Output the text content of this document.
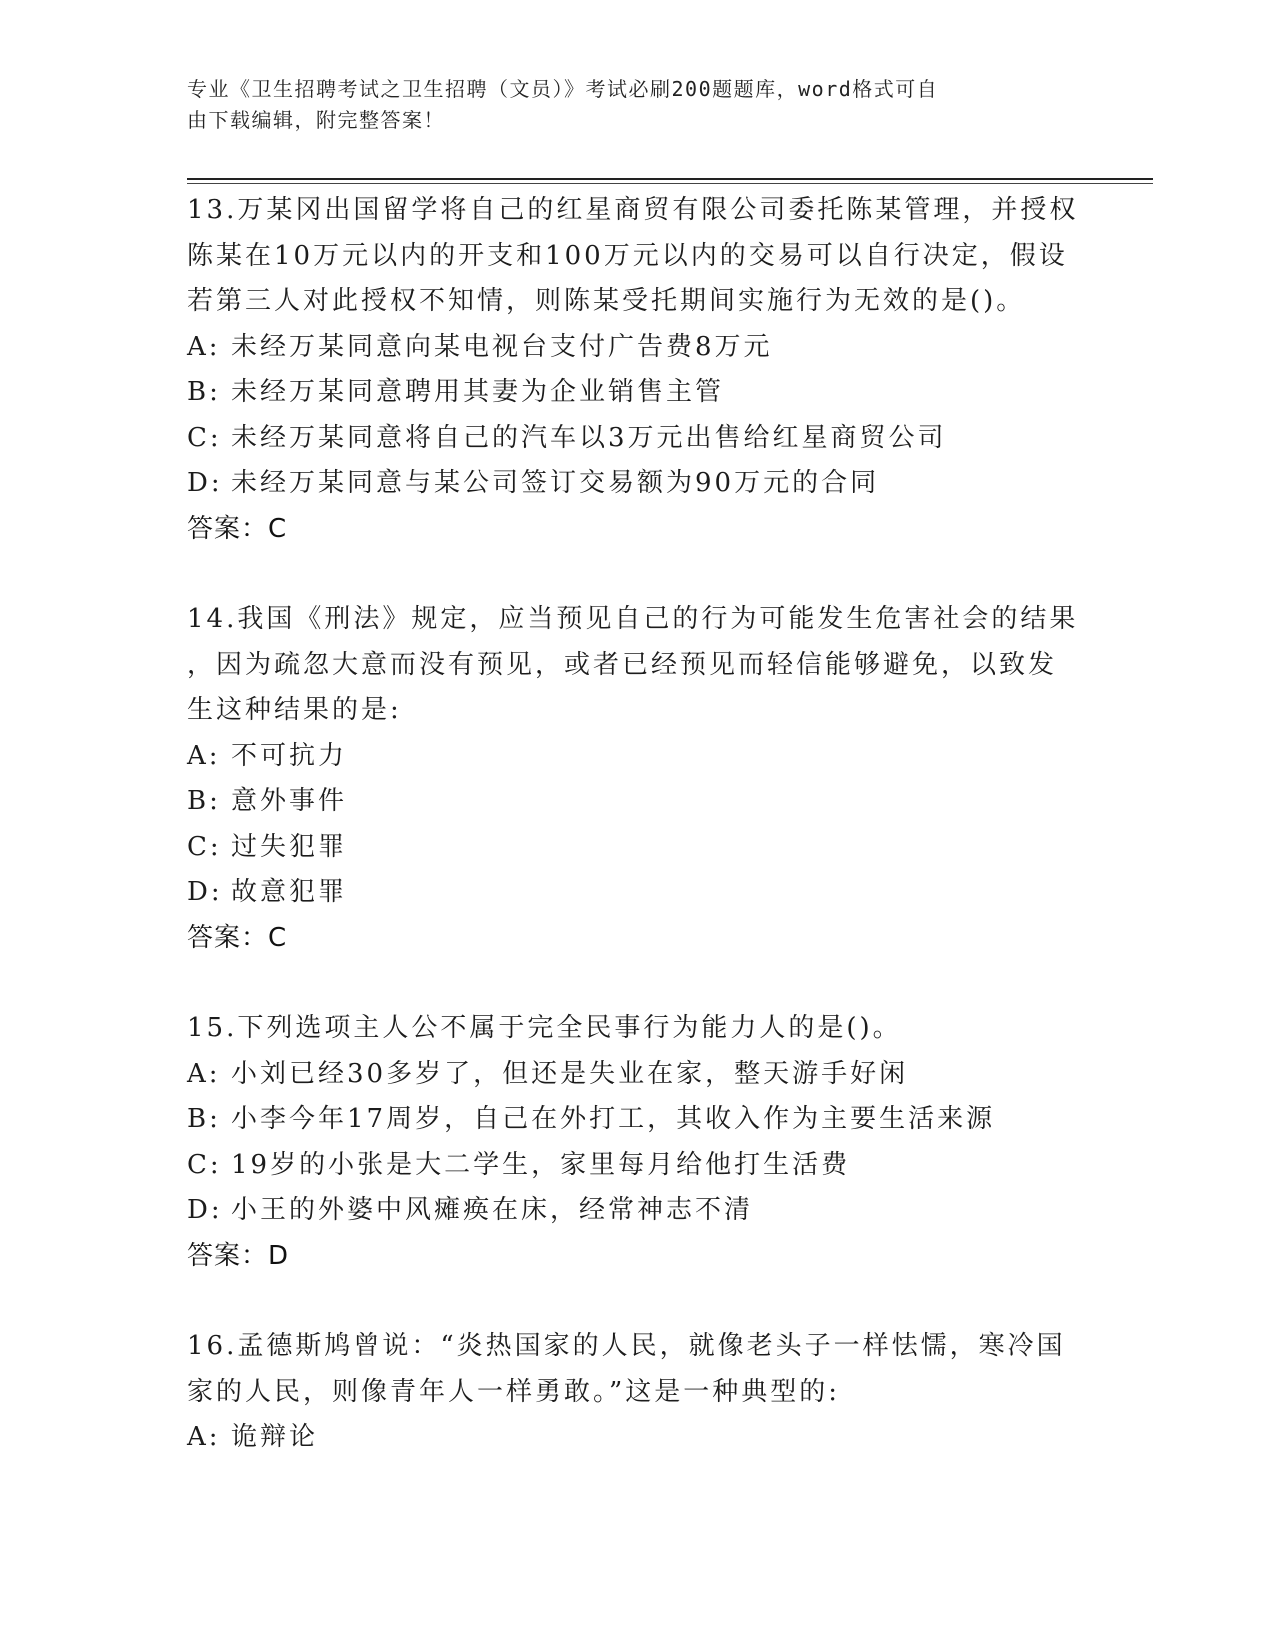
专业《卫生招聘考试之卫生招聘（文员）》考试必刷200题题库，word格式可自
由下载编辑，附完整答案！
13.万某冈出国留学将自己的红星商贸有限公司委托陈某管理，并授权
陈某在10万元以内的开支和100万元以内的交易可以自行决定，假设
若第三人对此授权不知情，则陈某受托期间实施行为无效的是()。
A: 未经万某同意向某电视台支付广告费8万元
B: 未经万某同意聘用其妻为企业销售主管
C: 未经万某同意将自己的汽车以3万元出售给红星商贸公司
D: 未经万某同意与某公司签订交易额为90万元的合同
答案：C
14.我国《刑法》规定，应当预见自己的行为可能发生危害社会的结果
，因为疏忽大意而没有预见，或者已经预见而轻信能够避免，以致发
生这种结果的是:
A: 不可抗力
B: 意外事件
C: 过失犯罪
D: 故意犯罪
答案：C
15.下列选项主人公不属于完全民事行为能力人的是()。
A: 小刘已经30多岁了，但还是失业在家，整天游手好闲
B: 小李今年17周岁，自己在外打工，其收入作为主要生活来源
C: 19岁的小张是大二学生，家里每月给他打生活费
D: 小王的外婆中风瘫痪在床，经常神志不清
答案：D
16.孟德斯鸠曾说：“炎热国家的人民，就像老头子一样怯懦，寒冷国
家的人民，则像青年人一样勇敢。”这是一种典型的:
A: 诡辩论
